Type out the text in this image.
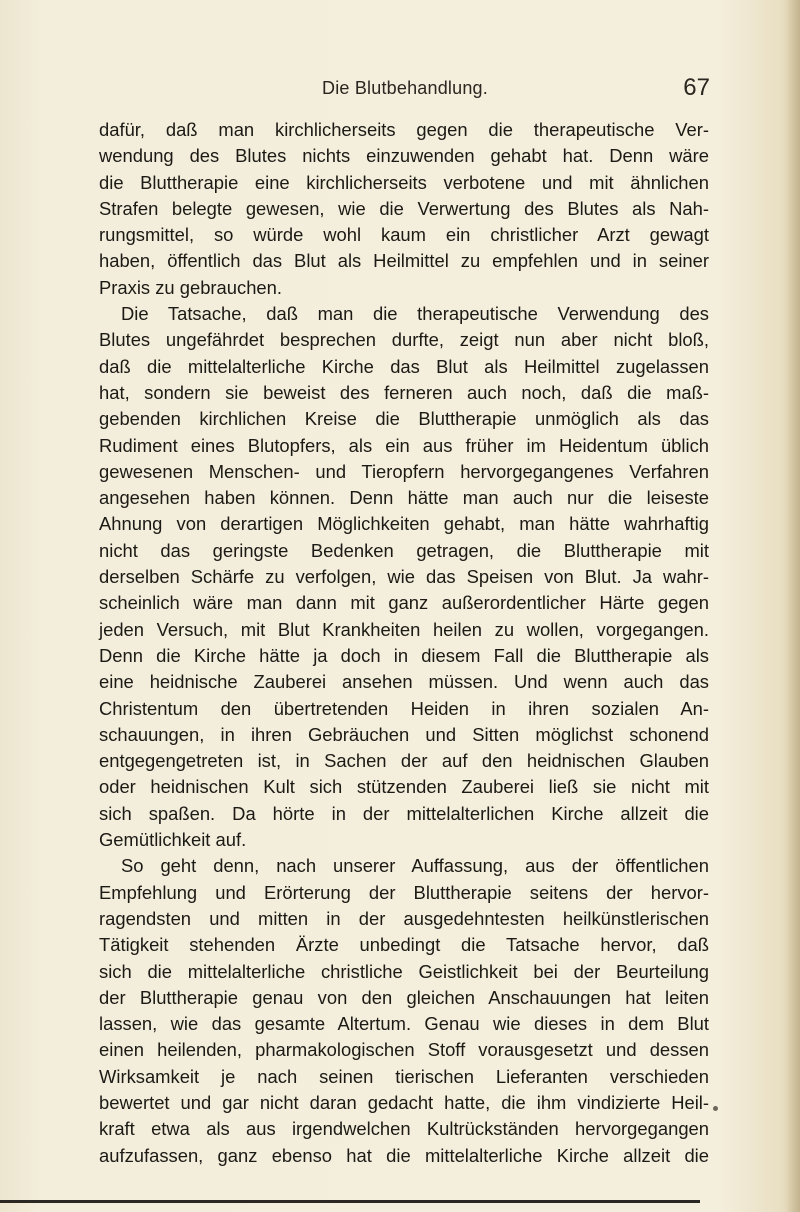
Die Blutbehandlung.	67
dafür, daß man kirchlicherseits gegen die therapeutische Ver-
wendung des Blutes nichts einzuwenden gehabt hat. Denn wäre
die Bluttherapie eine kirchlicherseits verbotene und mit ähnlichen
Strafen belegte gewesen, wie die Verwertung des Blutes als Nah-
rungsmittel, so würde wohl kaum ein christlicher Arzt gewagt
haben, öffentlich das Blut als Heilmittel zu empfehlen und in seiner
Praxis zu gebrauchen.
Die Tatsache, daß man die therapeutische Verwendung des
Blutes ungefährdet besprechen durfte, zeigt nun aber nicht bloß,
daß die mittelalterliche Kirche das Blut als Heilmittel zugelassen
hat, sondern sie beweist des ferneren auch noch, daß die maß-
gebenden kirchlichen Kreise die Bluttherapie unmöglich als das
Rudiment eines Blutopfers, als ein aus früher im Heidentum üblich
gewesenen Menschen- und Tieropfern hervorgegangenes Verfahren
angesehen haben können. Denn hätte man auch nur die leiseste
Ahnung von derartigen Möglichkeiten gehabt, man hätte wahrhaftig
nicht das geringste Bedenken getragen, die Bluttherapie mit
derselben Schärfe zu verfolgen, wie das Speisen von Blut. Ja wahr-
scheinlich wäre man dann mit ganz außerordentlicher Härte gegen
jeden Versuch, mit Blut Krankheiten heilen zu wollen, vorgegangen.
Denn die Kirche hätte ja doch in diesem Fall die Bluttherapie als
eine heidnische Zauberei ansehen müssen. Und wenn auch das
Christentum den übertretenden Heiden in ihren sozialen An-
schauungen, in ihren Gebräuchen und Sitten möglichst schonend
entgegengetreten ist, in Sachen der auf den heidnischen Glauben
oder heidnischen Kult sich stützenden Zauberei ließ sie nicht mit
sich spaßen. Da hörte in der mittelalterlichen Kirche allzeit die
Gemütlichkeit auf.
So geht denn, nach unserer Auffassung, aus der öffentlichen
Empfehlung und Erörterung der Bluttherapie seitens der hervor-
ragendsten und mitten in der ausgedehntesten heilkünstlerischen
Tätigkeit stehenden Ärzte unbedingt die Tatsache hervor, daß
sich die mittelalterliche christliche Geistlichkeit bei der Beurteilung
der Bluttherapie genau von den gleichen Anschauungen hat leiten
lassen, wie das gesamte Altertum. Genau wie dieses in dem Blut
einen heilenden, pharmakologischen Stoff vorausgesetzt und dessen
Wirksamkeit je nach seinen tierischen Lieferanten verschieden
bewertet und gar nicht daran gedacht hatte, die ihm vindizierte Heil-
kraft etwa als aus irgendwelchen Kultrückständen hervorgegangen
aufzufassen, ganz ebenso hat die mittelalterliche Kirche allzeit die
